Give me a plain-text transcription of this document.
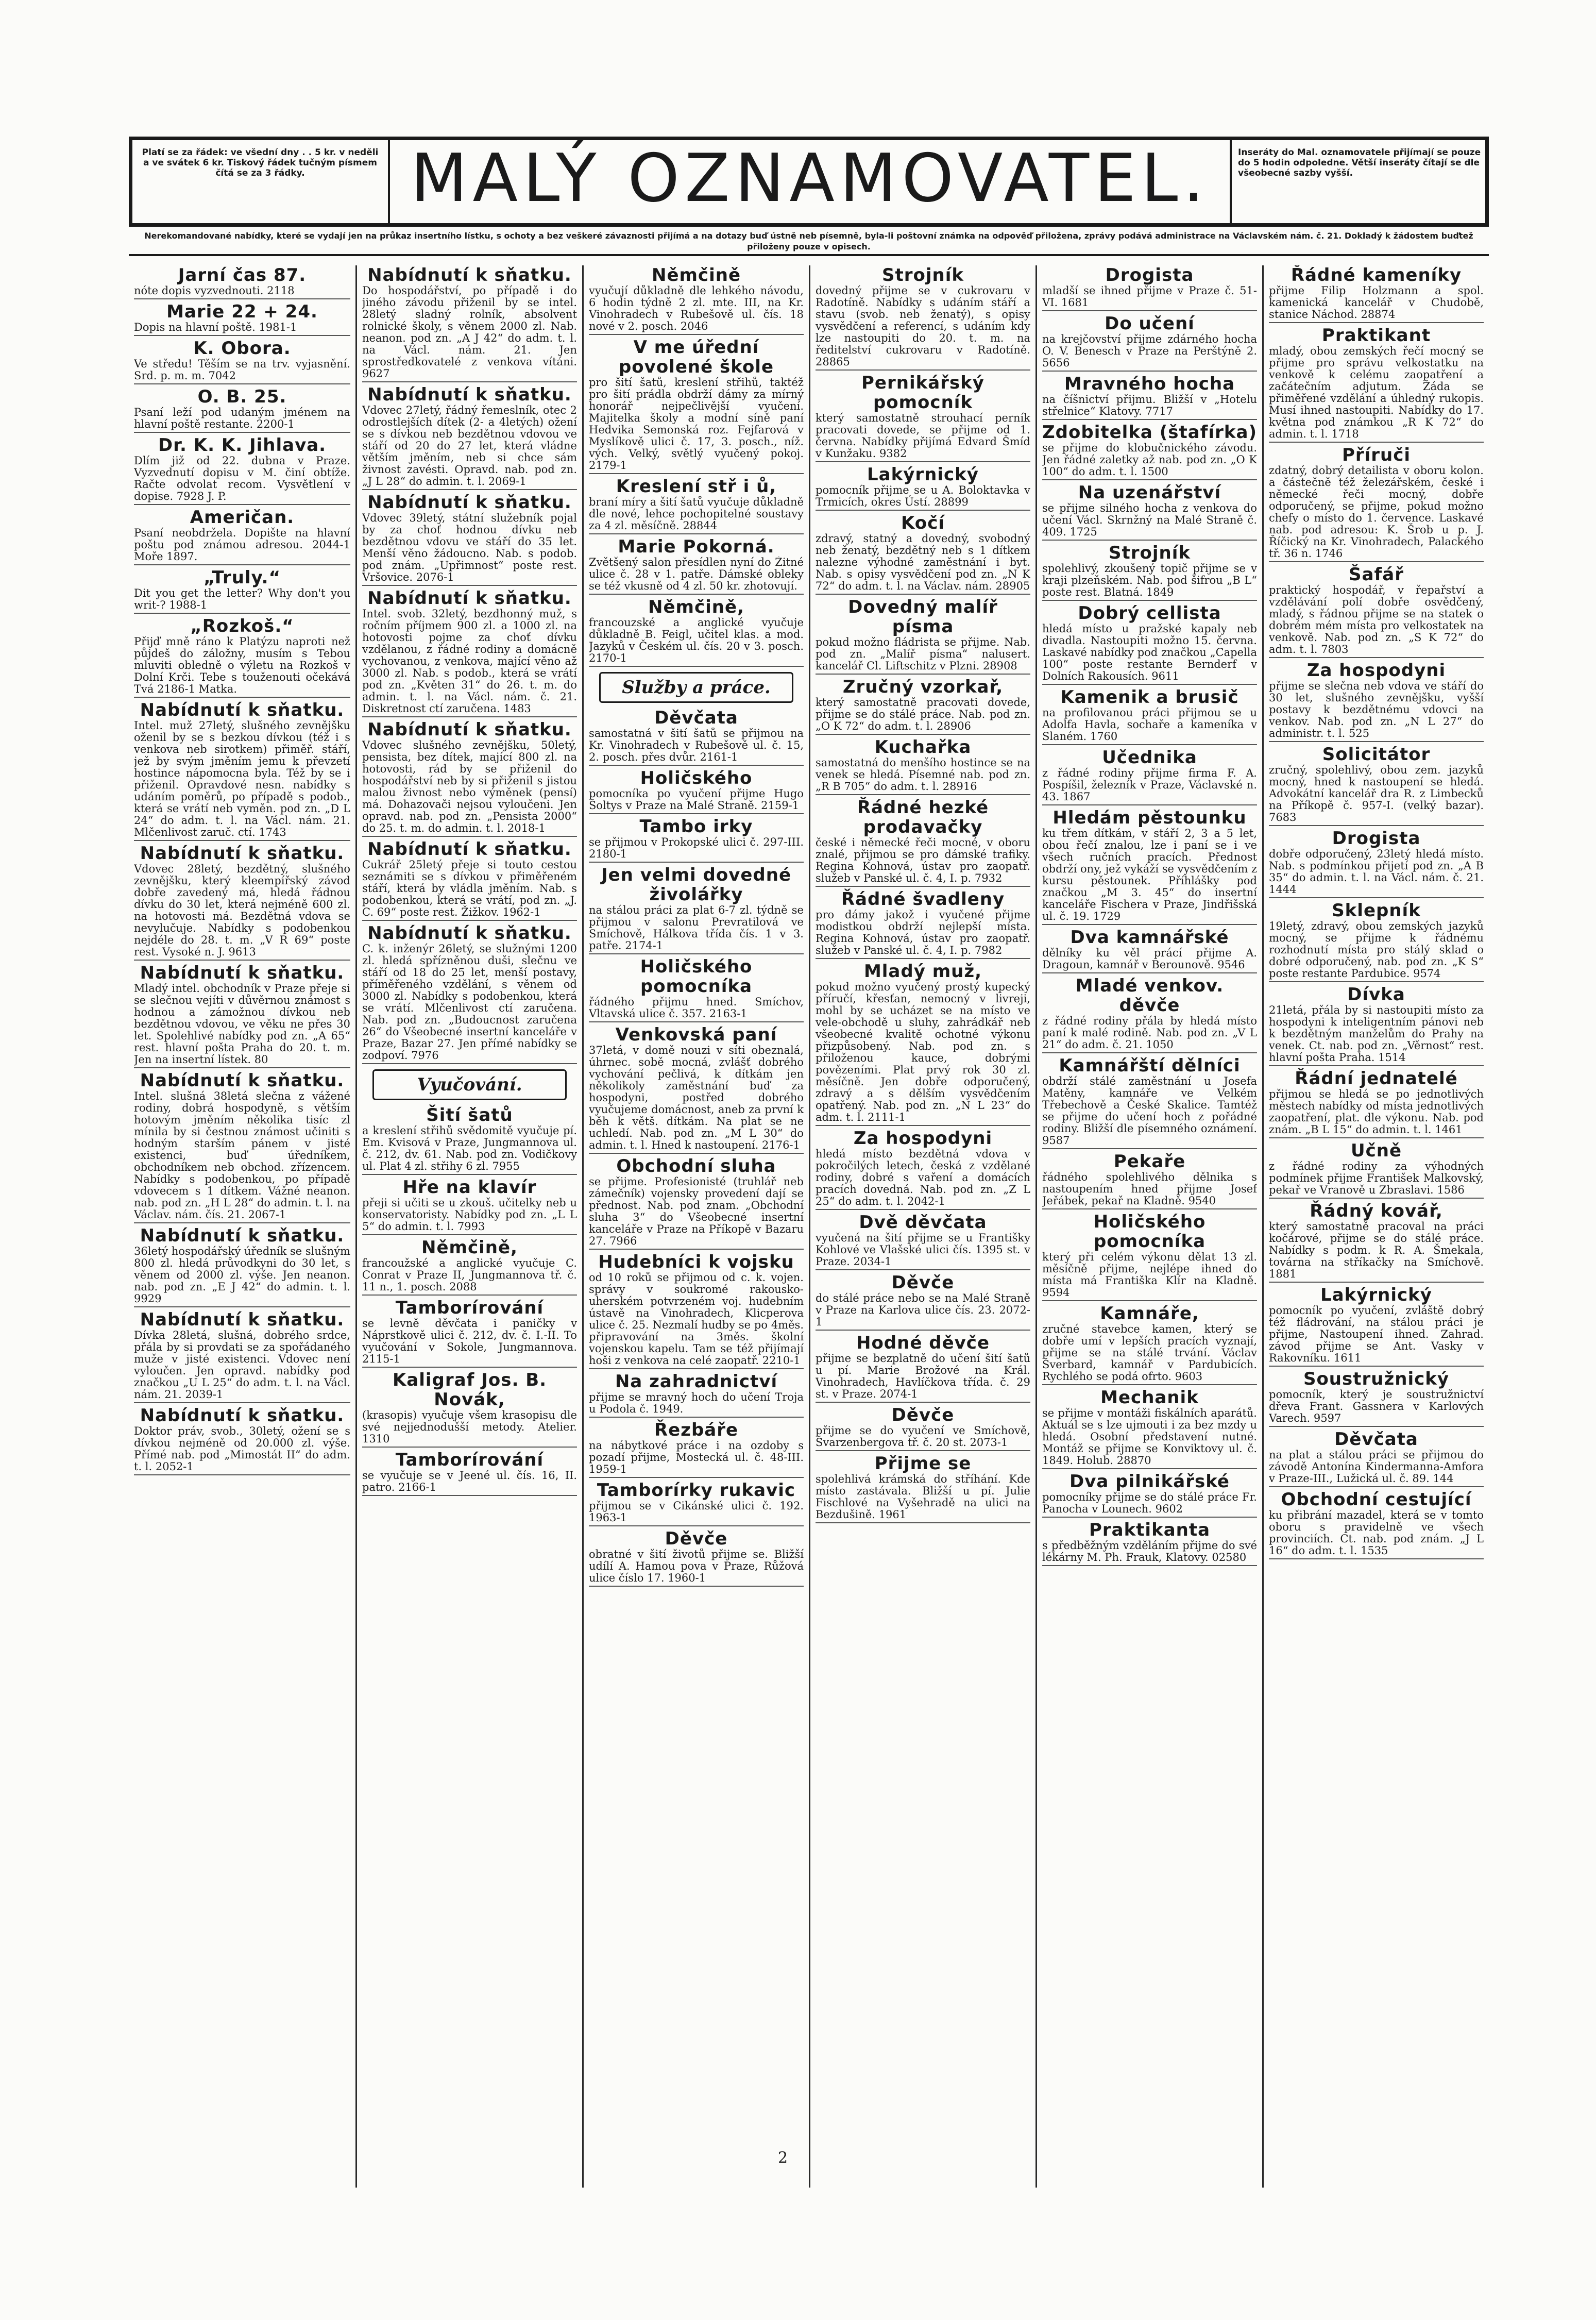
Platí se za řádek: ve všední dny . . 5 kr. v neděli a ve svátek 6 kr. Tiskový řádek tučným písmem čítá se za 3 řádky.	MALÝ OZNAMOVATEL.	Inseráty do Mal. oznamovatele přijímají se pouze do 5 hodin odpoledne. Větší inseráty čítají se dle všeobecné sazby vyšší.
Nerekomandované nabídky, které se vydají jen na průkaz insertního lístku, s ochoty a bez veškeré závaznosti přijímá a na dotazy buď ústně neb písemně, byla-li poštovní známka na odpověď přiložena, zprávy podává administrace na Václavském nám. č. 21. Dokladý k žádostem buďtež přiloženy pouze v opisech.
Jarní čas 87.
nóte dopis vyzvednouti. 2118
Marie 22 + 24.
Dopis na hlavní poště. 1981-1
K. Obora.
Ve středu! Těším se na trv. vyjasnění. Srd. p. m. m. 7042
O. B. 25.
Psaní leží pod udaným jménem na hlavní poště restante. 2200-1
Dr. K. K. Jihlava.
Dlím již od 22. dubna v Praze. Vyzvednutí dopisu v M. činí obtíže. Račte odvolat recom. Vysvětlení v dopise. 7928 J. P.
Američan.
Psaní neobdržela. Dopište na hlavní poštu pod známou adresou. 2044-1 Moře 1897.
„Truly.“
Dit you get the letter? Why don't you writ-? 1988-1
„Rozkoš.“
Přijď mně ráno k Platýzu naproti než půjdeš do záložny, musím s Tebou mluviti obledně o výletu na Rozkoš v Dolní Krči. Tebe s touženouti očekává Tvá 2186-1 Matka.
Nabídnutí k sňatku.
Intel. muž 27letý, slušného zevnějšku oženil by se s bezkou dívkou (též i s venkova neb sirotkem) přiměř. stáří, jež by svým jměním jemu k převzetí hostince nápomocna byla. Též by se i přiženil. Opravdové nesn. nabídky s udáním poměrů, po případě s podob., která se vrátí neb vyměn. pod zn. „D L 24“ do adm. t. l. na Václ. nám. 21. Mlčenlivost zaruč. ctí. 1743
Nabídnutí k sňatku.
Vdovec 28letý, bezdětný, slušného zevnějšku, který kleempířský závod dobře zavedený má, hledá řádnou dívku do 30 let, která nejméně 600 zl. na hotovosti má. Bezdětná vdova se nevylučuje. Nabídky s podobenkou nejdéle do 28. t. m. „V R 69“ poste rest. Vysoké n. J. 9613
Nabídnutí k sňatku.
Mladý intel. obchodník v Praze přeje si se slečnou vejíti v důvěrnou známost s hodnou a zámožnou dívkou neb bezdětnou vdovou, ve věku ne přes 30 let. Spolehlivé nabídky pod zn. „A 65“ rest. hlavní pošta Praha do 20. t. m. Jen na insertní lístek. 80
Nabídnutí k sňatku.
Intel. slušná 38letá slečna z vážené rodiny, dobrá hospodyně, s větším hotovým jměním několika tisíc zl mínila by si čestnou známost učiniti s hodným starším pánem v jisté existenci, buď úředníkem, obchodníkem neb obchod. zřízencem. Nabídky s podobenkou, po případě vdovecem s 1 dítkem. Vážné neanon. nab. pod zn. „H L 28“ do admin. t. l. na Václav. nám. čís. 21. 2067-1
Nabídnutí k sňatku.
36letý hospodářský úředník se slušným 800 zl. hledá průvodkyni do 30 let, s věnem od 2000 zl. výše. Jen neanon. nab. pod zn. „E J 42“ do admin. t. l. 9929
Nabídnutí k sňatku.
Dívka 28letá, slušná, dobrého srdce, přála by si provdati se za spořádaného muže v jisté existenci. Vdovec není vyloučen. Jen opravd. nabídky pod značkou „U L 25“ do adm. t. l. na Václ. nám. 21. 2039-1
Nabídnutí k sňatku.
Doktor práv, svob., 30letý, ožení se s dívkou nejméně od 20.000 zl. výše. Přímé nab. pod „Mimostát II“ do adm. t. l. 2052-1
Nabídnutí k sňatku.
Do hospodářství, po případě i do jiného závodu přiženil by se intel. 28letý sladný rolník, absolvent rolnické školy, s věnem 2000 zl. Nab. neanon. pod zn. „A J 42“ do adm. t. l. na Václ. nám. 21. Jen sprostředkovatelé z venkova vítáni. 9627
Nabídnutí k sňatku.
Vdovec 27letý, řádný řemeslník, otec 2 odrostlejších dítek (2- a 4letých) ožení se s dívkou neb bezdětnou vdovou ve stáří od 20 do 27 let, která vládne větším jměním, neb si chce sám živnost zavésti. Opravd. nab. pod zn. „J L 28“ do admin. t. l. 2069-1
Nabídnutí k sňatku.
Vdovec 39letý, státní služebník pojal by za choť hodnou dívku neb bezdětnou vdovu ve stáří do 35 let. Menší věno žádoucno. Nab. s podob. pod znám. „Upřimnost“ poste rest. Vršovice. 2076-1
Nabídnutí k sňatku.
Intel. svob. 32letý, bezdhonný muž, s ročním příjmem 900 zl. a 1000 zl. na hotovosti pojme za choť dívku vzdělanou, z řádné rodiny a domácně vychovanou, z venkova, mající věno až 3000 zl. Nab. s podob., která se vrátí pod zn. „Květen 31“ do 26. t. m. do admin. t. l. na Václ. nám. č. 21. Diskretnost ctí zaručena. 1483
Nabídnutí k sňatku.
Vdovec slušného zevnějšku, 50letý, pensista, bez dítek, mající 800 zl. na hotovosti, rád by se přiženil do hospodářství neb by si přiženil s jistou malou živnost nebo výměnek (pensí) má. Dohazovači nejsou vyloučeni. Jen opravd. nab. pod zn. „Pensista 2000“ do 25. t. m. do admin. t. l. 2018-1
Nabídnutí k sňatku.
Cukrář 25letý přeje si touto cestou seznámiti se s dívkou v přiměřeném stáří, která by vládla jměním. Nab. s podobenkou, která se vrátí, pod zn. „J. C. 69“ poste rest. Žižkov. 1962-1
Nabídnutí k sňatku.
C. k. inženýr 26letý, se služnými 1200 zl. hledá spřízněnou duši, slečnu ve stáří od 18 do 25 let, menší postavy, příměřeného vzdělání, s věnem od 3000 zl. Nabídky s podobenkou, která se vrátí. Mlčenlivost ctí zaručena. Nab. pod zn. „Budoucnost zaručena 26“ do Všeobecné insertní kanceláře v Praze, Bazar 27. Jen přímé nabídky se zodpoví. 7976
Vyučování.
Šití šatů
a kreslení střihů svědomitě vyučuje pí. Em. Kvisová v Praze, Jungmannova ul. č. 212, dv. 61. Nab. pod zn. Vodičkovy ul. Plat 4 zl. střihy 6 zl. 7955
Hře na klavír
přeji si učiti se u zkouš. učitelky neb u konservatoristy. Nabídky pod zn. „L L 5“ do admin. t. l. 7993
Němčině,
francoužské a anglické vyučuje C. Conrat v Praze II, Jungmannova tř. č. 11 n., 1. posch. 2088
Tamborírování
se levně děvčata i paničky v Náprstkově ulici č. 212, dv. č. I.-II. To vyučování v Sokole, Jungmannova. 2115-1
Kaligraf Jos. B. Novák,
(krasopis) vyučuje všem krasopisu dle své nejjednodušší metody. Atelier. 1310
Tamborírování
se vyučuje se v Jeené ul. čís. 16, II. patro. 2166-1
Němčině
vyučují důkladně dle lehkého návodu, 6 hodin týdně 2 zl. mte. III, na Kr. Vinohradech v Rubešově ul. čís. 18 nové v 2. posch. 2046
V me úřední povolené škole
pro šití šatů, kreslení střihů, taktéž pro šití prádla obdrží dámy za mírný honorář nejpečlivější vyučení. Majitelka školy a modní síně paní Hedvika Semonská roz. Fejfarová v Myslíkově ulici č. 17, 3. posch., níž. vých. Velký, světlý vyučený pokoj. 2179-1
Kreslení stř i ů,
braní míry a šití šatů vyučuje důkladně dle nové, lehce pochopitelné soustavy za 4 zl. měsíčně. 28844
Marie Pokorná.
Zvětšený salon přesídlen nyní do Žitné ulice č. 28 v 1. patře. Dámské obleky se též vkusně od 4 zl. 50 kr. zhotovují.
Němčině,
francouzské a anglické vyučuje důkladně B. Feigl, učitel klas. a mod. Jazyků v Českém ul. čís. 20 v 3. posch. 2170-1
Služby a práce.
Děvčata
samostatná v šití šatů se přijmou na Kr. Vinohradech v Rubešově ul. č. 15, 2. posch. přes dvůr. 2161-1
Holičského
pomocníka po vyučení přijme Hugo Šoltys v Praze na Malé Straně. 2159-1
Tambo irky
se přijmou v Prokopské ulici č. 297-III. 2180-1
Jen velmi dovedné živolářky
na stálou práci za plat 6-7 zl. týdně se přijmou v salonu Prevratilová ve Smíchově, Hálkova třída čís. 1 v 3. patře. 2174-1
Holičského pomocníka
řádného přijmu hned. Smíchov, Vltavská ulice č. 357. 2163-1
Venkovská paní
37letá, v domě nouzi v síti obeznalá, úhrnec. sobě mocná, zvlášť dobrého vychování pečlivá, k dítkám jen několikoly zaměstnání buď za hospodyni, postřed dobrého vyučujeme domácnost, aneb za první k běh k větš. dítkám. Na plat se ne uchledí. Nab. pod zn. „M L 30“ do admin. t. l. Hned k nastoupení. 2176-1
Obchodní sluha
se přijme. Profesionisté (truhlář neb zámečník) vojensky provedení dají se přednost. Nab. pod znam. „Obchodní sluha 3“ do Všeobecné insertní kanceláře v Praze na Příkopě v Bazaru 27. 7966
Hudebníci k vojsku
od 10 roků se přijmou od c. k. vojen. správy v soukromé rakousko-uherském potvrzeném voj. hudebním ústavě na Vinohradech, Klicperova ulice č. 25. Nezmalí hudby se po 4měs. připravování na 3měs. školní vojenskou kapelu. Tam se též přijímají hoši z venkova na celé zaopatř. 2210-1
Na zahradnictví
přijme se mravný hoch do učení Troja u Podola č. 1949.
Řezbáře
na nábytkové práce i na ozdoby s pozadí přijme, Mostecká ul. č. 48-III. 1959-1
Tamborírky rukavic
přijmou se v Cikánské ulici č. 192. 1963-1
Děvče
obratné v šití životů přijme se. Bližší udílí A. Hamou pova v Praze, Růžová ulice číslo 17. 1960-1
Strojník
dovedný přijme se v cukrovaru v Radotíně. Nabídky s udáním stáří a stavu (svob. neb ženatý), s opisy vysvědčení a referencí, s udáním kdy lze nastoupiti do 20. t. m. na ředitelství cukrovaru v Radotíně. 28865
Pernikářský pomocník
který samostatně strouhací perník pracovati dovede, se přijme od 1. června. Nabídky přijímá Edvard Šmíd v Kunžaku. 9382
Lakýrnický
pomocník přijme se u A. Boloktavka v Trmicích, okres Ústí. 28899
Kočí
zdravý, statný a dovedný, svobodný neb ženatý, bezdětný neb s 1 dítkem nalezne výhodné zaměstnání i byt. Nab. s opisy vysvědčení pod zn. „N K 72“ do adm. t. l. na Václav. nám. 28905
Dovedný malíř písma
pokud možno fládrista se přijme. Nab. pod zn. „Malíř písma“ nalusert. kancelář Cl. Liftschitz v Plzni. 28908
Zručný vzorkař,
který samostatně pracovati dovede, přijme se do stálé práce. Nab. pod zn. „O K 72“ do adm. t. l. 28906
Kuchařka
samostatná do menšího hostince se na venek se hledá. Písemné nab. pod zn. „R B 705“ do adm. t. l. 28916
Řádné hezké prodavačky
české i německé řeči mocné, v oboru znalé, přijmou se pro dámské trafiky. Regina Kohnová, ústav pro zaopatř. služeb v Panské ul. č. 4, I. p. 7932
Řádné švadleny
pro dámy jakož i vyučené přijme modistkou obdrží nejlepší místa. Regina Kohnová, ústav pro zaopatř. služeb v Panské ul. č. 4, I. p. 7982
Mladý muž,
pokud možno vyučený prostý kupecký příručí, křesťan, nemocný v livreji, mohl by se ucházet se na místo ve vele-obchodě u sluhy, zahrádkář neb všeobecné kvalitě ochotné výkonu přizpůsobený. Nab. pod zn. s přiloženou kauce, dobrými povězeními. Plat prvý rok 30 zl. měsíčně. Jen dobře odporučený, zdravý a s dělším vysvědčením opatřený. Nab. pod zn. „N L 23“ do adm. t. l. 2111-1
Za hospodyni
hledá místo bezdětná vdova v pokročilých letech, česká z vzdělané rodiny, dobré s vaření a domácích pracích dovedná. Nab. pod zn. „Z L 25“ do adm. t. l. 2042-1
Dvě děvčata
vyučená na šití přijme se u Františky Kohlové ve Vlašské ulici čís. 1395 st. v Praze. 2034-1
Děvče
do stálé práce nebo se na Malé Straně v Praze na Karlova ulice čís. 23. 2072-1
Hodné děvče
přijme se bezplatně do učení šití šatů u pí. Marie Brožové na Král. Vinohradech, Havlíčkova třída. č. 29 st. v Praze. 2074-1
Děvče
přijme se do vyučení ve Smíchově, Švarzenbergova tř. č. 20 st. 2073-1
Přijme se
spolehlivá krámská do stříhání. Kde místo zastávala. Bližší u pí. Julie Fischlové na Vyšehradě na ulici na Bezdušině. 1961
Drogista
mladší se ihned přijme v Praze č. 51-VI. 1681
Do učení
na krejčovství přijme zdárného hocha O. V. Benesch v Praze na Perštýně 2. 5656
Mravného hocha
na číšnictví přijmu. Bližší v „Hotelu střelnice“ Klatovy. 7717
Zdobitelka (štafírka)
se přijme do klobučnického závodu. Jen řádné zaletky až nab. pod zn. „O K 100“ do adm. t. l. 1500
Na uzenářství
se přijme silného hocha z venkova do učení Václ. Skrnžný na Malé Straně č. 409. 1725
Strojník
spolehlivý, zkoušený topič přijme se v kraji plzeňském. Nab. pod šifrou „B L“ poste rest. Blatná. 1849
Dobrý cellista
hledá místo u pražské kapaly neb divadla. Nastoupiti možno 15. června. Laskavé nabídky pod značkou „Capella 100“ poste restante Bernderf v Dolních Rakousích. 9611
Kamenik a brusič
na profilovanou práci přijmou se u Adolfa Havla, sochaře a kameníka v Slaném. 1760
Učednika
z řádné rodiny přijme firma F. A. Pospíšil, železník v Praze, Václavské n. 43. 1867
Hledám pěstounku
ku třem dítkám, v stáří 2, 3 a 5 let, obou řečí znalou, lze i paní se i ve všech ručních pracích. Přednost obdrží ony, jež vykáží se vysvědčením z kursu pěstounek. Příhlášky pod značkou „M 3. 45“ do insertní kanceláře Fischera v Praze, Jindřišská ul. č. 19. 1729
Dva kamnářské
dělníky ku věl prácí přijme A. Dragoun, kamnář v Berounově. 9546
Mladé venkov. děvče
z řádné rodiny přála by hledá místo paní k malé rodině. Nab. pod zn. „V L 21“ do adm. č. 21. 1050
Kamnářští dělníci
obdrží stálé zaměstnání u Josefa Matěny, kamnáře ve Velkém Třebechově a České Skalice. Tamtéž se přijme do učení hoch z pořádné rodiny. Bližší dle písemného oznámení. 9587
Pekaře
řádného spolehlivého dělnika s nastoupením hned přijme Josef Jeřábek, pekař na Kladně. 9540
Holičského pomocníka
který při celém výkonu dělat 13 zl. měsíčně přijme, nejlépe ihned do místa má Františka Klír na Kladně. 9594
Kamnáře,
zručné stavebce kamen, který se dobře umí v lepších pracích vyznají, přijme se na stálé trvání. Václav Šverbard, kamnář v Pardubicích. Rychlého se podá ofrto. 9603
Mechanik
se přijme v montáži fiskálních aparátů. Aktuál se s lze ujmouti i za bez mzdy u hledá. Osobní představení nutné. Montáž se přijme se Konviktovy ul. č. 1849. Holub. 28870
Dva pilnikářské
pomocníky přijme se do stálé práce Fr. Panocha v Lounech. 9602
Praktikanta
s předběžným vzděláním přijme do své lékárny M. Ph. Frauk, Klatovy. 02580
Řádné kameníky
přijme Filip Holzmann a spol. kamenická kancelář v Chudobě, stanice Náchod. 28874
Praktikant
mladý, obou zemských řečí mocný se přijme pro správu velkostatku na venkově k celému zaopatření a začátečním adjutum. Žáda se přiměřené vzdělání a úhledný rukopis. Musí ihned nastoupiti. Nabídky do 17. května pod známkou „R K 72“ do admin. t. l. 1718
Příruči
zdatný, dobrý detailista v oboru kolon. a částečně též železářském, české i německé řeči mocný, dobře odporučený, se přijme, pokud možno chefy o místo do 1. července. Laskavé nab. pod adresou: K. Šrob u p. J. Říčický na Kr. Vinohradech, Palackého tř. 36 n. 1746
Šafář
praktický hospodář, v řepařství a vzdělávání polí dobře osvědčený, mladý, s řádnou přijme se na statek o dobrém mém místa pro velkostatek na venkově. Nab. pod zn. „S K 72“ do adm. t. l. 7803
Za hospodyni
přijme se slečna neb vdova ve stáří do 30 let, slušného zevnějšku, vyšší postavy k bezdětnému vdovci na venkov. Nab. pod zn. „N L 27“ do administr. t. l. 525
Solicitátor
zručný, spolehlivý, obou zem. jazyků mocný, hned k nastoupení se hledá. Advokátní kancelář dra R. z Limbecků na Příkopě č. 957-I. (velký bazar). 7683
Drogista
dobře odporučený, 23letý hledá místo. Nab. s podmínkou přijetí pod zn. „A B 35“ do admin. t. l. na Václ. nám. č. 21. 1444
Sklepník
19letý, zdravý, obou zemských jazyků mocný, se přijme k řádnému rozhodnutí místa pro stálý sklad o dobré odporučený, nab. pod zn. „K S“ poste restante Pardubice. 9574
Dívka
21letá, přála by si nastoupiti místo za hospodyni k inteligentním pánovi neb k bezdětným manželům do Prahy na venek. Ct. nab. pod zn. „Věrnost“ rest. hlavní pošta Praha. 1514
Řádní jednatelé
přijmou se hledá se po jednotlivých městech nabídky od místa jednotlivých zaopatření, plat. dle výkonu. Nab. pod znám. „B L 15“ do admin. t. l. 1461
Učně
z řádné rodiny za výhodných podmínek přijme František Malkovský, pekař ve Vranově u Zbraslavi. 1586
Řádný kovář,
který samostatně pracoval na práci kočárové, přijme se do stálé práce. Nabídky s podm. k R. A. Šmekala, továrna na stříkačky na Smíchově. 1881
Lakýrnický
pomocník po vyučení, zvláště dobrý též fládrování, na stálou práci je přijme, Nastoupení ihned. Zahrad. závod přijme se Ant. Vasky v Rakovníku. 1611
Soustružnický
pomocník, který je soustružnictví dřeva Frant. Gassnera v Karlových Varech. 9597
Děvčata
na plat a stálou práci se přijmou do závodě Antonína Kindermanna-Amfora v Praze-III., Lužická ul. č. 89. 144
Obchodní cestující
ku přibrání mazadel, která se v tomto oboru s pravidelně ve všech provinciích. Ct. nab. pod znám. „J L 16“ do adm. t. l. 1535
2
